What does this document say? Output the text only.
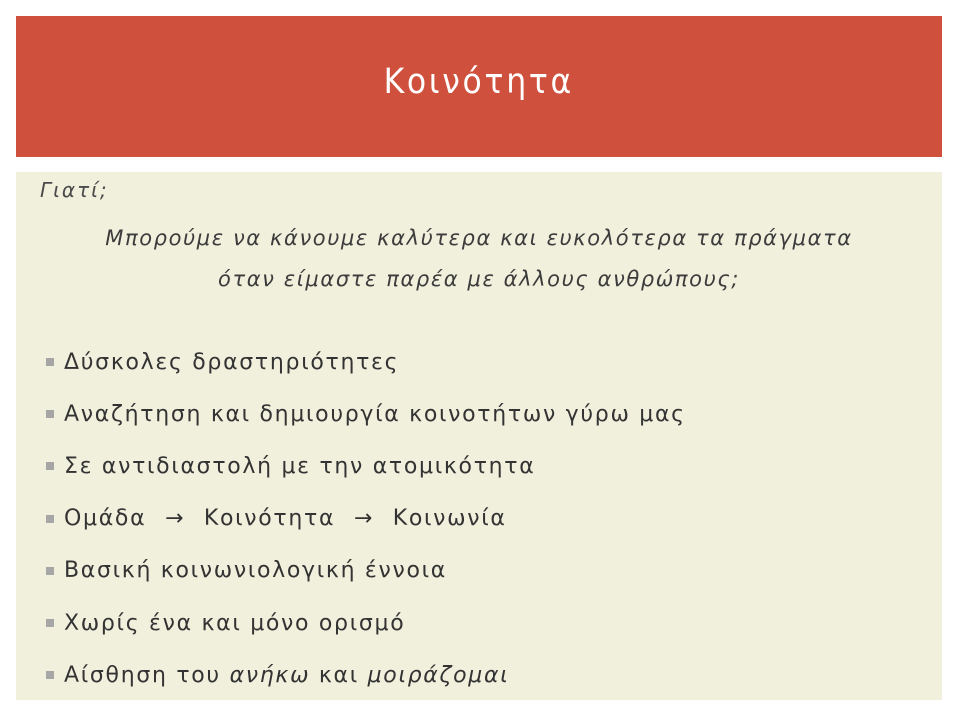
Κοινότητα
Γιατί;
Μπορούμε να κάνουμε καλύτερα και ευκολότερα τα πράγματα όταν είμαστε παρέα με άλλους ανθρώπους;
Δύσκολες δραστηριότητες
Αναζήτηση και δημιουργία κοινοτήτων γύρω μας
Σε αντιδιαστολή με την ατομικότητα
Ομάδα → Κοινότητα → Κοινωνία
Βασική κοινωνιολογική έννοια
Χωρίς ένα και μόνο ορισμό
Αίσθηση του ανήκω και μοιράζομαι
